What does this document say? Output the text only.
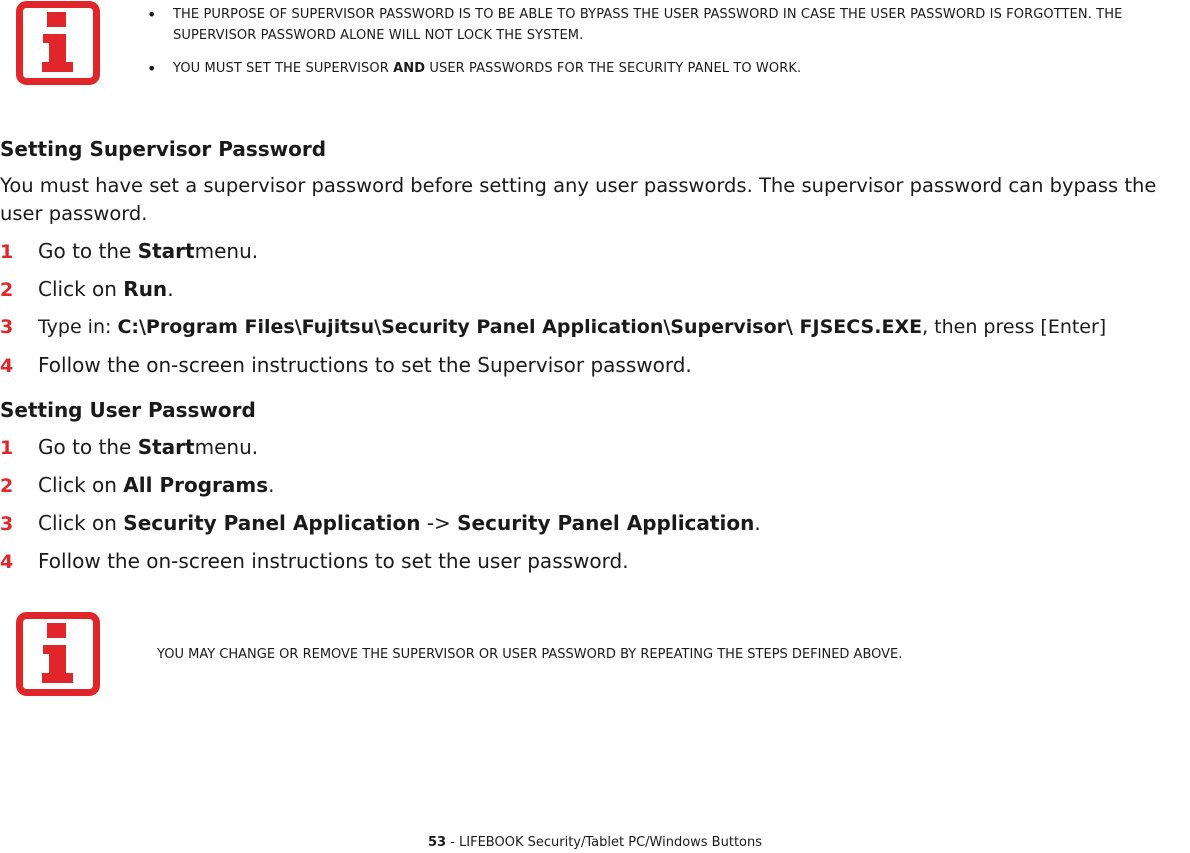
• THE PURPOSE OF SUPERVISOR PASSWORD IS TO BE ABLE TO BYPASS THE USER PASSWORD IN CASE THE USER PASSWORD IS FORGOTTEN. THE SUPERVISOR PASSWORD ALONE WILL NOT LOCK THE SYSTEM.
• YOU MUST SET THE SUPERVISOR AND USER PASSWORDS FOR THE SECURITY PANEL TO WORK.
Setting Supervisor Password

You must have set a supervisor password before setting any user passwords. The supervisor password can bypass the user password.

1	Go to the
Start menu.
2	Click on
Run .
3	Type in:
C:\Program Files\Fujitsu\Security Panel Application\Supervisor\ FJSECS.EXE , then press [Enter]
4	Follow the on-screen instructions to set the Supervisor password.
Setting User Password
1	Go to the
Start menu.
2	Click on
All Programs .
3	Click on
Security Panel Application -> Security Panel Application .
4	Follow the on-screen instructions to set the user password.

YOU MAY CHANGE OR REMOVE THE SUPERVISOR OR USER PASSWORD BY REPEATING THE STEPS DEFINED ABOVE.

53 - LIFEBOOK Security/Tablet PC/Windows Buttons
